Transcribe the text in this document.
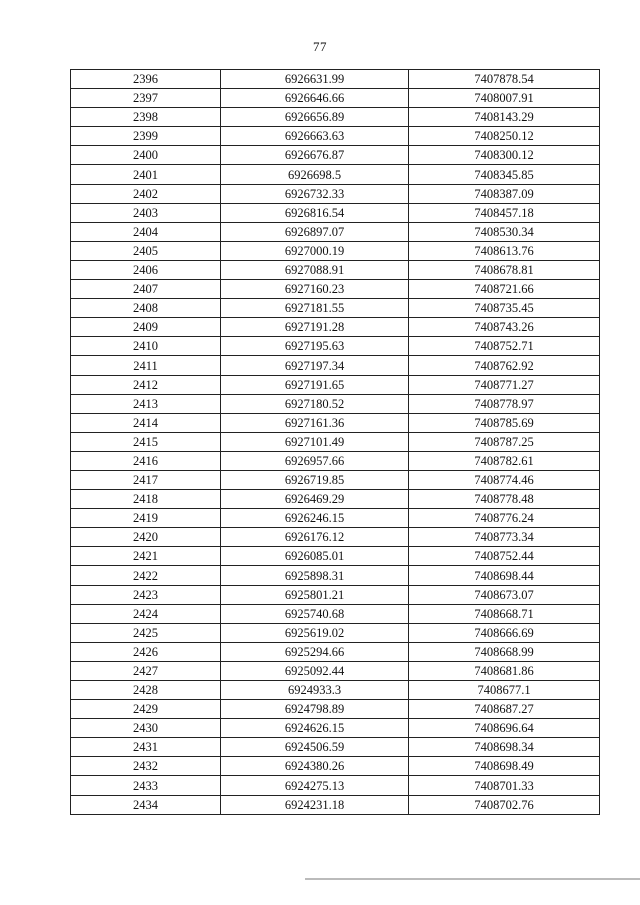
77
2396	6926631.99	7407878.54
2397	6926646.66	7408007.91
2398	6926656.89	7408143.29
2399	6926663.63	7408250.12
2400	6926676.87	7408300.12
2401	6926698.5	7408345.85
2402	6926732.33	7408387.09
2403	6926816.54	7408457.18
2404	6926897.07	7408530.34
2405	6927000.19	7408613.76
2406	6927088.91	7408678.81
2407	6927160.23	7408721.66
2408	6927181.55	7408735.45
2409	6927191.28	7408743.26
2410	6927195.63	7408752.71
2411	6927197.34	7408762.92
2412	6927191.65	7408771.27
2413	6927180.52	7408778.97
2414	6927161.36	7408785.69
2415	6927101.49	7408787.25
2416	6926957.66	7408782.61
2417	6926719.85	7408774.46
2418	6926469.29	7408778.48
2419	6926246.15	7408776.24
2420	6926176.12	7408773.34
2421	6926085.01	7408752.44
2422	6925898.31	7408698.44
2423	6925801.21	7408673.07
2424	6925740.68	7408668.71
2425	6925619.02	7408666.69
2426	6925294.66	7408668.99
2427	6925092.44	7408681.86
2428	6924933.3	7408677.1
2429	6924798.89	7408687.27
2430	6924626.15	7408696.64
2431	6924506.59	7408698.34
2432	6924380.26	7408698.49
2433	6924275.13	7408701.33
2434	6924231.18	7408702.76
